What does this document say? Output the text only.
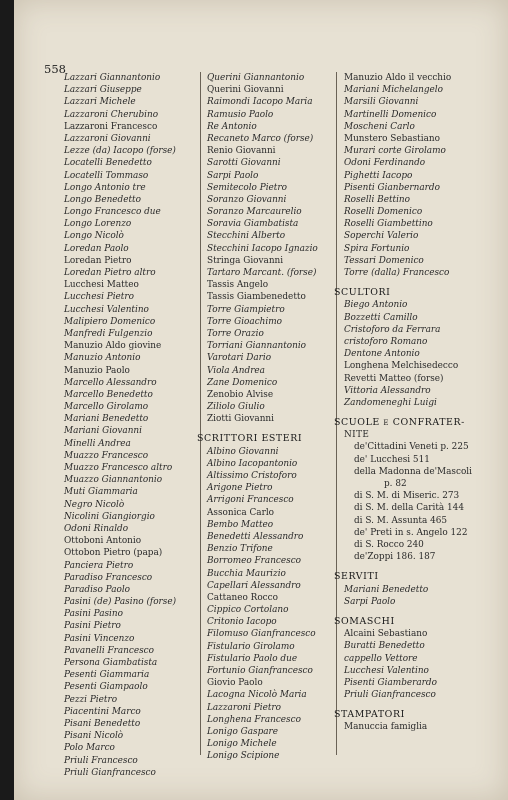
558
Lazzari Giannantonio
Lazzari Giuseppe
Lazzari Michele
Lazzaroni Cherubino
Lazzaroni Francesco
Lazzaroni Giovanni
Lezze (da) Iacopo (forse)
Locatelli Benedetto
Locatelli Tommaso
Longo Antonio tre
Longo Benedetto
Longo Francesco due
Longo Lorenzo
Longo Nicolò
Loredan Paolo
Loredan Pietro
Loredan Pietro altro
Lucchesi Matteo
Lucchesi Pietro
Lucchesi Valentino
Malipiero Domenico
Manfredi Fulgenzio
Manuzio Aldo giovine
Manuzio Antonio
Manuzio Paolo
Marcello Alessandro
Marcello Benedetto
Marcello Girolamo
Mariani Benedetto
Mariani Giovanni
Minelli Andrea
Muazzo Francesco
Muazzo Francesco altro
Muazzo Giannantonio
Muti Giammaria
Negro Nicolò
Nicolini Giangiorgio
Odoni Rinaldo
Ottoboni Antonio
Ottobon Pietro (papa)
Panciera Pietro
Paradiso Francesco
Paradiso Paolo
Pasini (de) Pasino (forse)
Pasini Pasino
Pasini Pietro
Pasini Vincenzo
Pavanelli Francesco
Persona Giambatista
Pesenti Giammaria
Pesenti Giampaolo
Pezzi Pietro
Piacentini Marco
Pisani Benedetto
Pisani Nicolò
Polo Marco
Priuli Francesco
Priuli Gianfrancesco
Querini Giannantonio
Querini Giovanni
Raimondi Iacopo Maria
Ramusio Paolo
Re Antonio
Recaneto Marco (forse)
Renio Giovanni
Sarotti Giovanni
Sarpi Paolo
Semitecolo Pietro
Soranzo Giovanni
Soranzo Marcaurelio
Soravia Giambatista
Stecchini Alberto
Stecchini Iacopo Ignazio
Stringa Giovanni
Tartaro Marcant. (forse)
Tassis Angelo
Tassis Giambenedetto
Torre Giampietro
Torre Gioachimo
Torre Orazio
Torriani Giannantonio
Varotari Dario
Viola Andrea
Zane Domenico
Zenobio Alvise
Ziliolo Giulio
Ziotti Giovanni
SCRITTORI ESTERI
Albino Giovanni
Albino Iacopantonio
Altissimo Cristoforo
Arigone Pietro
Arrigoni Francesco
Assonica Carlo
Bembo Matteo
Benedetti Alessandro
Benzio Trifone
Borromeo Francesco
Bucchia Maurizio
Capellari Alessandro
Cattaneo Rocco
Cippico Cortolano
Critonio Iacopo
Filomuso Gianfrancesco
Fistulario Girolamo
Fistulario Paolo due
Fortunio Gianfrancesco
Giovio Paolo
Lacogna Nicolò Maria
Lazzaroni Pietro
Longhena Francesco
Lonigo Gaspare
Lonigo Michele
Lonigo Scipione
Manuzio Aldo il vecchio
Mariani Michelangelo
Marsili Giovanni
Martinelli Domenico
Moscheni Carlo
Munstero Sebastiano
Murari corte Girolamo
Odoni Ferdinando
Pighetti Iacopo
Pisenti Gianbernardo
Roselli Bettino
Roselli Domenico
Roselli Giambettino
Soperchi Valerio
Spira Fortunio
Tessari Domenico
Torre (dalla) Francesco
SCULTORI
Biego Antonio
Bozzetti Camillo
Cristoforo da Ferrara
cristoforo Romano
Dentone Antonio
Longhena Melchisedecco
Revetti Matteo (forse)
Vittoria Alessandro
Zandomeneghi Luigi
SCUOLE e CONFRATER-
NITE
de'Cittadini Veneti p. 225
de' Lucchesi 511
della Madonna de'Mascoli
p. 82
di S. M. di Miseric. 273
di S. M. della Carità 144
di S. M. Assunta 465
de' Preti in s. Angelo 122
di S. Rocco 240
de'Zoppi 186. 187
SERVITI
Mariani Benedetto
Sarpi Paolo
SOMASCHI
Alcaini Sebastiano
Buratti Benedetto
cappello Vettore
Lucchesi Valentino
Pisenti Giamberardo
Priuli Gianfrancesco
STAMPATORI
Manuccia famiglia
